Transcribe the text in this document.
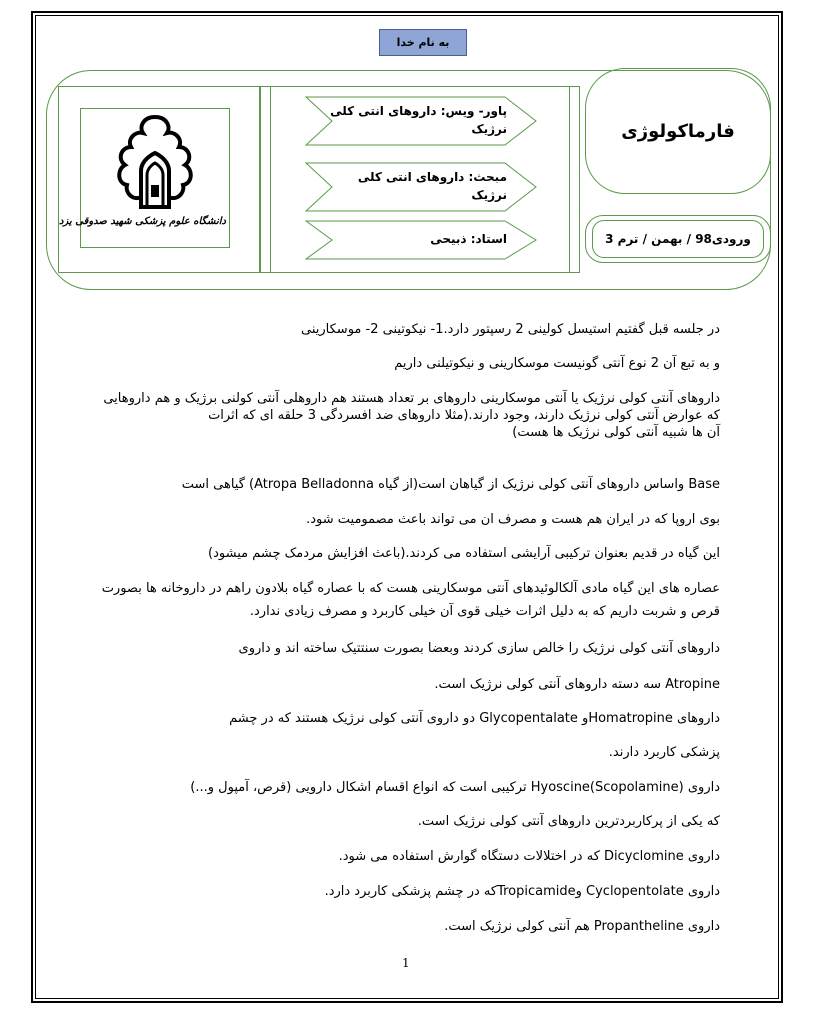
به نام خدا
دانشگاه علوم پزشکی شهید صدوقی یزد
پاور- ویس: داروهای انتی کلی نرژیک
مبحث: داروهای انتی کلی نرژیک
استاد: ذبیحی
فارماکولوژی
ورودی98 / بهمن / ترم 3

در جلسه قبل گفتیم استیسل کولینی 2 رسپتور دارد.1- نیکوتینی 2- موسکارینی

و به تبع آن 2 نوع آنتی گونیست موسکارینی و نیکوتیلنی داریم

داروهای آنتی کولی نرژیک یا آنتی موسکارینی داروهای بر تعداد هستند هم داروهلی آنتی کولنی برژیک و هم داروهایی

که عوارض آنتی کولی نرژیک دارند، وجود دارند.(مثلا داروهای ضد افسردگی 3 حلقه ای که اثرات

آن ها شبیه آنتی کولی نرژیک ها هست)

Base واساس داروهای آنتی کولی نرژیک از گیاهان است(از گیاه Atropa Belladonna) گیاهی است

بوی اروپا که در ایران هم هست و مصرف ان می تواند باعث مصمومیت شود.

این گیاه در قدیم بعنوان ترکیبی آرایشی استفاده می کردند.(باعث افزایش مردمک چشم میشود)

عصاره های این گیاه مادی آلکالوئیدهای آنتی موسکارینی هست که با عصاره گیاه بلادون راهم در داروخانه ها بصورت

قرص و شربت داریم که به دلیل اثرات خیلی قوی آن خیلی کاربرد و مصرف زیادی ندارد.

داروهای آنتی کولی نرژیک را خالص سازی کردند وبعضا بصورت سنتتیک ساخته اند و داروی

Atropine سه دسته داروهای آنتی کولی نرژیک است.

داروهای Homatropineو Glycopentalate دو داروی آنتی کولی نرژیک هستند که در چشم

پزشکی کاربرد دارند.

داروی (Hyoscine(Scopolamine ترکیبی است که انواع اقسام اشکال دارویی (قرص، آمپول و...)

که یکی از پرکاربردترین داروهای آنتی کولی نرژیک است.

داروی Dicyclomine که در اختلالات دستگاه گوارش استفاده می شود.

داروی Cyclopentolate وTropicamideکه در چشم پزشکی کاربرد دارد.

داروی Propantheline هم آنتی کولی نرژیک است.

1
